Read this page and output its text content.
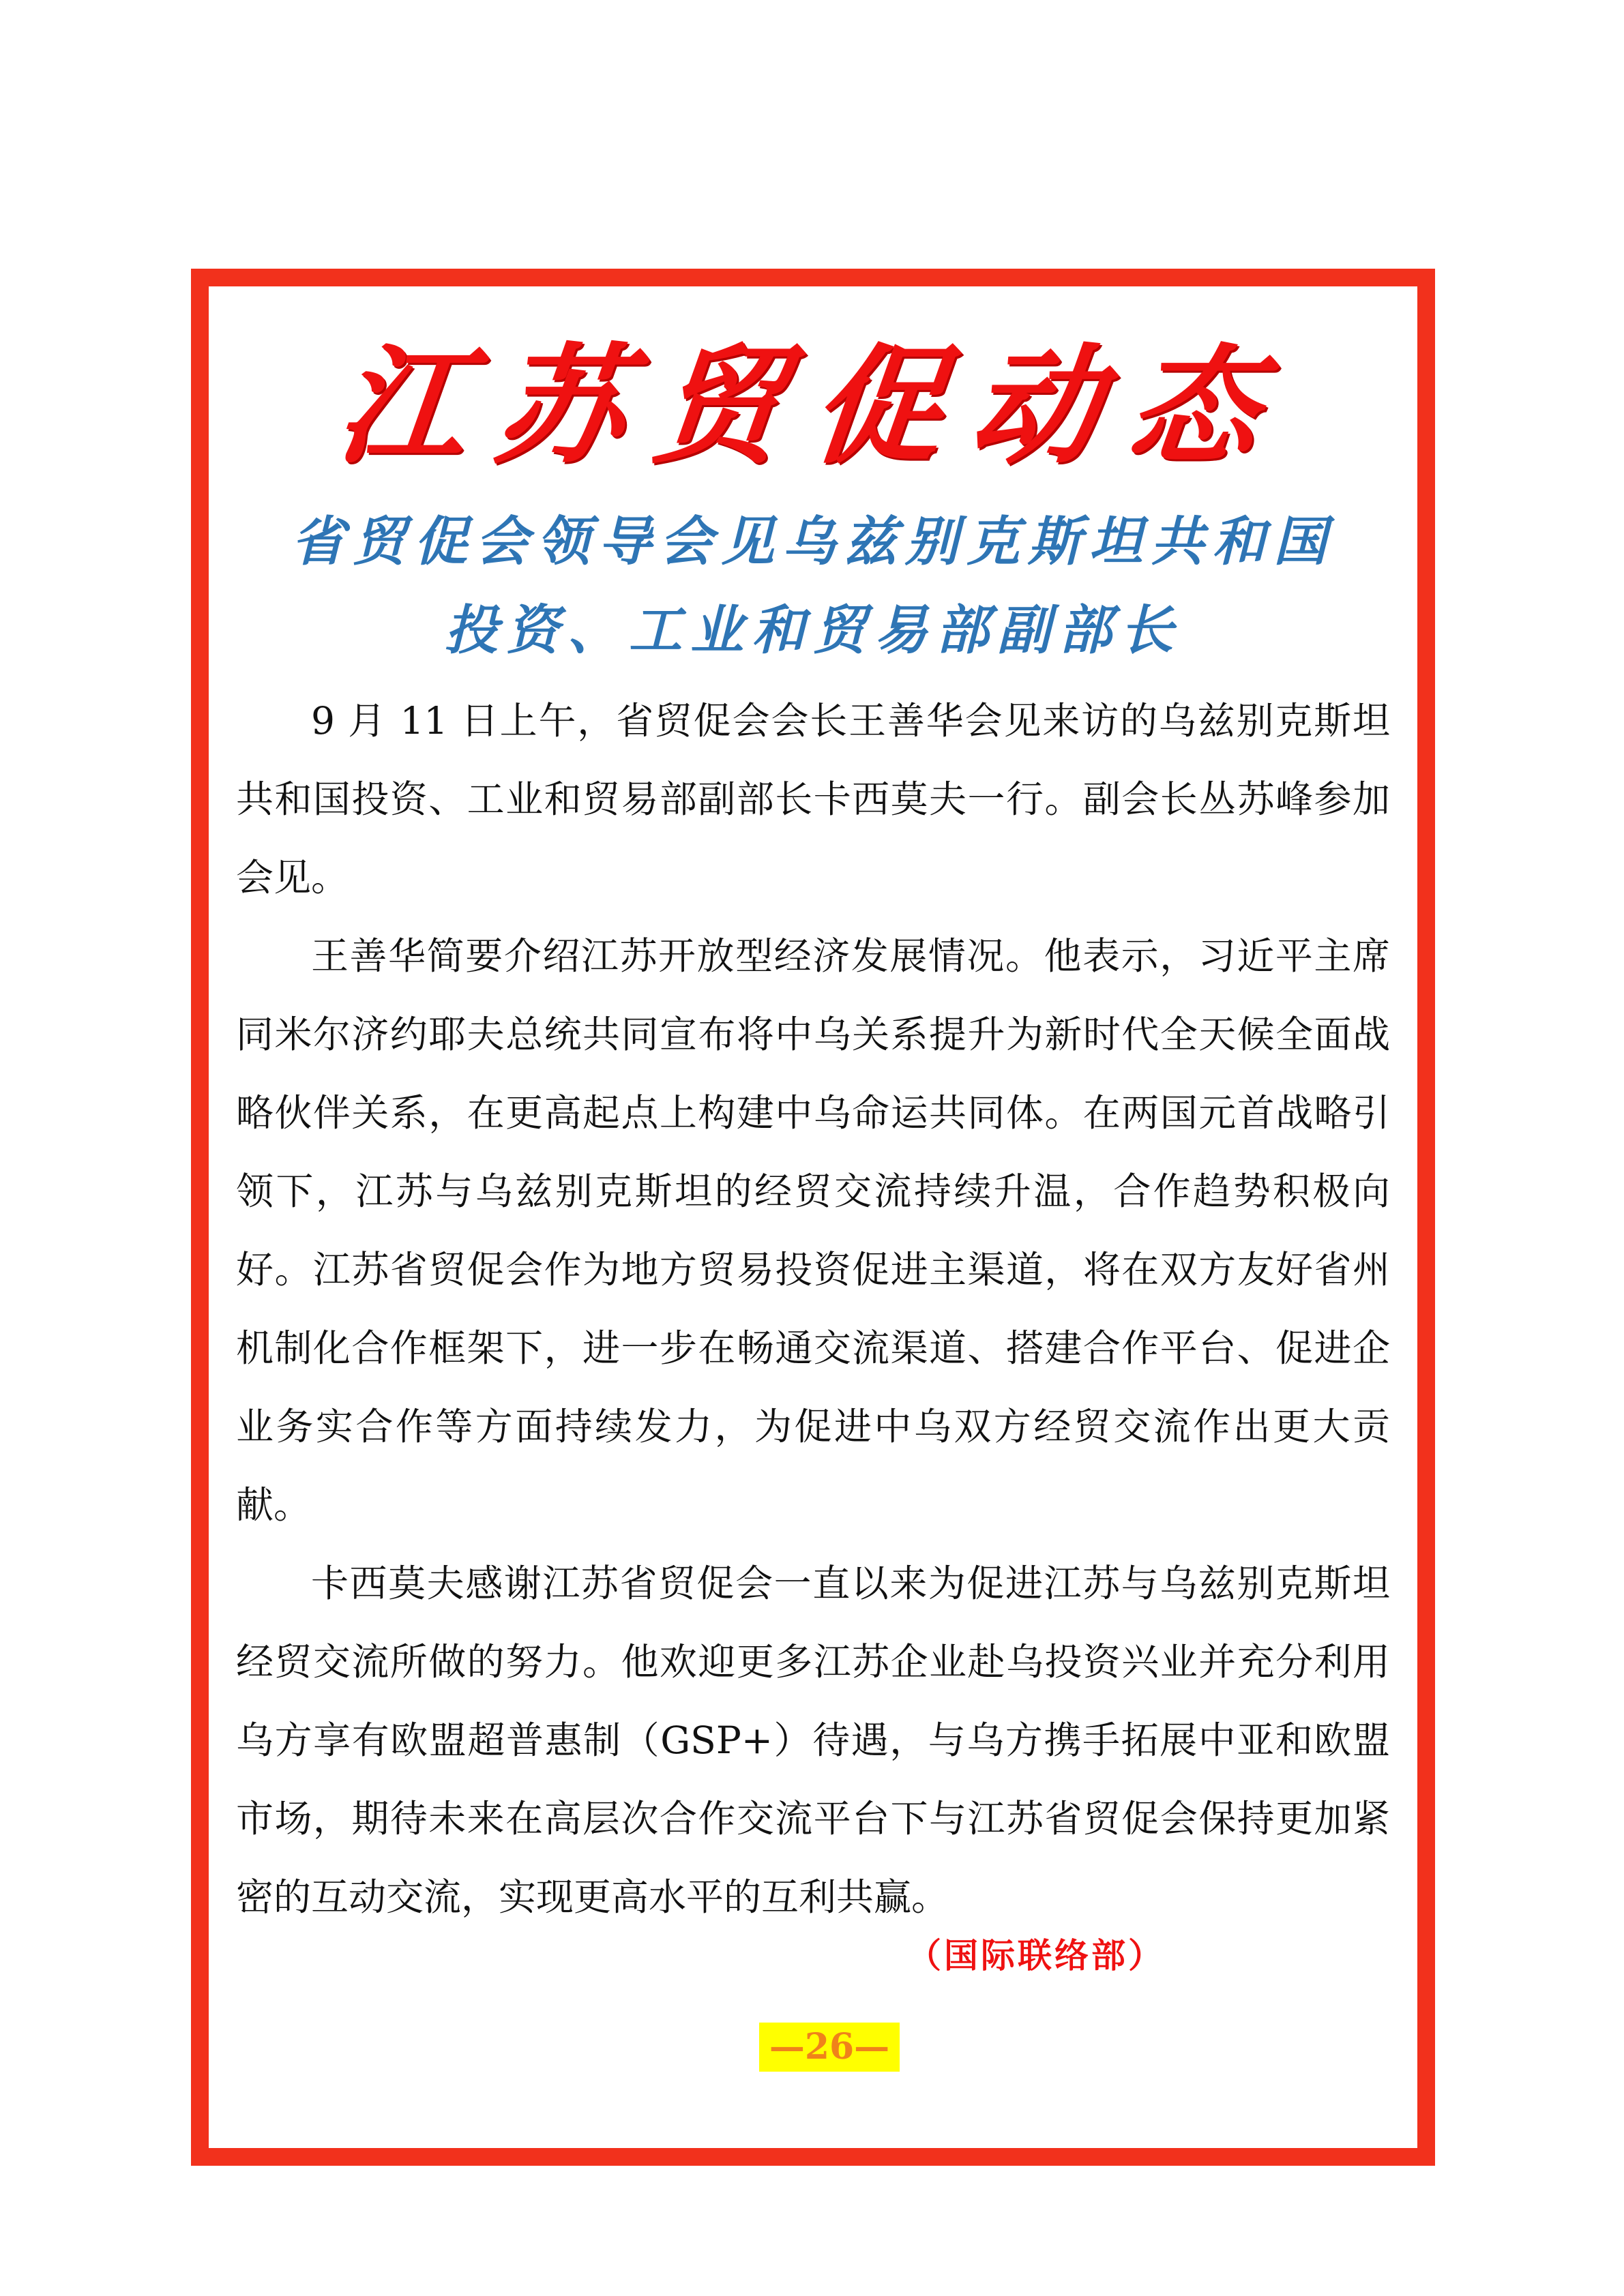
江苏贸促动态
省贸促会领导会见乌兹别克斯坦共和国
投资、工业和贸易部副部长

9 月 11 日上午，省贸促会会长王善华会见来访的乌兹别克斯坦共和国投资、工业和贸易部副部长卡西莫夫一行。副会长丛苏峰参加会见。

王善华简要介绍江苏开放型经济发展情况。他表示，习近平主席同米尔济约耶夫总统共同宣布将中乌关系提升为新时代全天候全面战略伙伴关系，在更高起点上构建中乌命运共同体。在两国元首战略引领下，江苏与乌兹别克斯坦的经贸交流持续升温，合作趋势积极向好。江苏省贸促会作为地方贸易投资促进主渠道，将在双方友好省州机制化合作框架下，进一步在畅通交流渠道、搭建合作平台、促进企业务实合作等方面持续发力，为促进中乌双方经贸交流作出更大贡献。

卡西莫夫感谢江苏省贸促会一直以来为促进江苏与乌兹别克斯坦经贸交流所做的努力。他欢迎更多江苏企业赴乌投资兴业并充分利用乌方享有欧盟超普惠制（GSP+）待遇，与乌方携手拓展中亚和欧盟市场，期待未来在高层次合作交流平台下与江苏省贸促会保持更加紧密的互动交流，实现更高水平的互利共赢。

（国际联络部）
—26—
